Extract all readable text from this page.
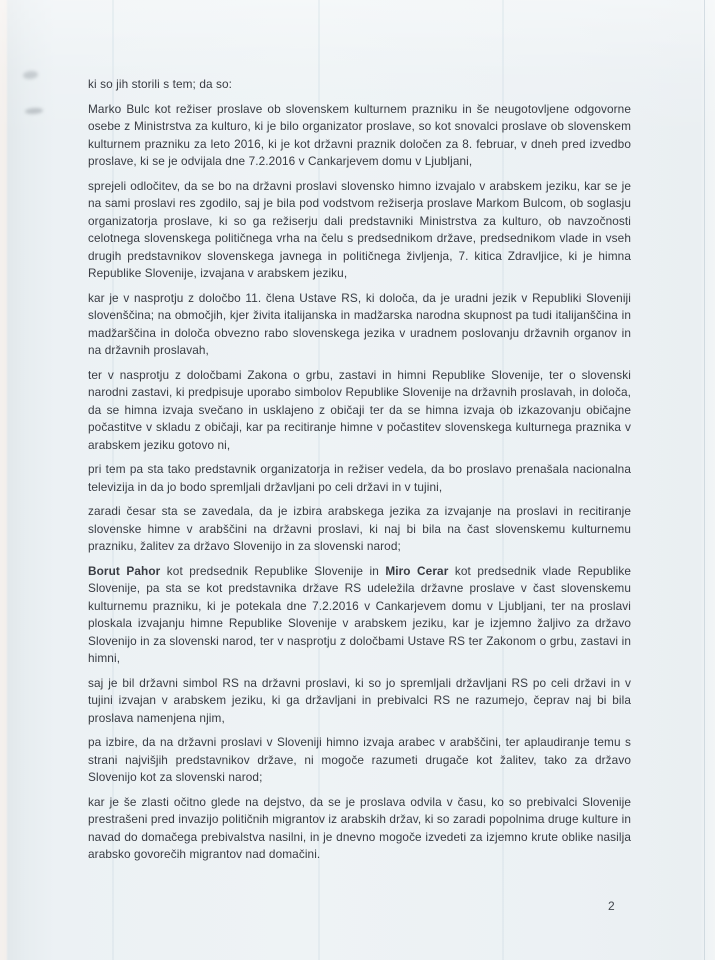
ki so jih storili s tem; da so:

Marko Bulc kot režiser proslave ob slovenskem kulturnem prazniku in še neugotovljene odgovorne osebe z Ministrstva za kulturo, ki je bilo organizator proslave, so kot snovalci proslave ob slovenskem kulturnem prazniku za leto 2016, ki je kot državni praznik določen za 8. februar, v dneh pred izvedbo proslave, ki se je odvijala dne 7.2.2016 v Cankarjevem domu v Ljubljani,

sprejeli odločitev, da se bo na državni proslavi slovensko himno izvajalo v arabskem jeziku, kar se je na sami proslavi res zgodilo, saj je bila pod vodstvom režiserja proslave Markom Bulcom, ob soglasju organizatorja proslave, ki so ga režiserju dali predstavniki Ministrstva za kulturo, ob navzočnosti celotnega slovenskega političnega vrha na čelu s predsednikom države, predsednikom vlade in vseh drugih predstavnikov slovenskega javnega in političnega življenja, 7. kitica Zdravljice, ki je himna Republike Slovenije, izvajana v arabskem jeziku,

kar je v nasprotju z določbo 11. člena Ustave RS, ki določa, da je uradni jezik v Republiki Sloveniji slovenščina; na območjih, kjer živita italijanska in madžarska narodna skupnost pa tudi italijanščina in madžarščina in določa obvezno rabo slovenskega jezika v uradnem poslovanju državnih organov in na državnih proslavah,

ter v nasprotju z določbami Zakona o grbu, zastavi in himni Republike Slovenije, ter o slovenski narodni zastavi, ki predpisuje uporabo simbolov Republike Slovenije na državnih proslavah, in določa, da se himna izvaja svečano in usklajeno z običaji ter da se himna izvaja ob izkazovanju običajne počastitve v skladu z običaji, kar pa recitiranje himne v počastitev slovenskega kulturnega praznika v arabskem jeziku gotovo ni,

pri tem pa sta tako predstavnik organizatorja in režiser vedela, da bo proslavo prenašala nacionalna televizija in da jo bodo spremljali državljani po celi državi in v tujini,

zaradi česar sta se zavedala, da je izbira arabskega jezika za izvajanje na proslavi in recitiranje slovenske himne v arabščini na državni proslavi, ki naj bi bila na čast slovenskemu kulturnemu prazniku, žalitev za državo Slovenijo in za slovenski narod;

Borut Pahor kot predsednik Republike Slovenije in Miro Cerar kot predsednik vlade Republike Slovenije, pa sta se kot predstavnika države RS udeležila državne proslave v čast slovenskemu kulturnemu prazniku, ki je potekala dne 7.2.2016 v Cankarjevem domu v Ljubljani, ter na proslavi ploskala izvajanju himne Republike Slovenije v arabskem jeziku, kar je izjemno žaljivo za državo Slovenijo in za slovenski narod, ter v nasprotju z določbami Ustave RS ter Zakonom o grbu, zastavi in himni,

saj je bil državni simbol RS na državni proslavi, ki so jo spremljali državljani RS po celi državi in v tujini izvajan v arabskem jeziku, ki ga državljani in prebivalci RS ne razumejo, čeprav naj bi bila proslava namenjena njim,

pa izbire, da na državni proslavi v Sloveniji himno izvaja arabec v arabščini, ter aplaudiranje temu s strani najvišjih predstavnikov države, ni mogoče razumeti drugače kot žalitev, tako za državo Slovenijo kot za slovenski narod;

kar je še zlasti očitno glede na dejstvo, da se je proslava odvila v času, ko so prebivalci Slovenije prestrašeni pred invazijo političnih migrantov iz arabskih držav, ki so zaradi popolnima druge kulture in navad do domačega prebivalstva nasilni, in je dnevno mogoče izvedeti za izjemno krute oblike nasilja arabsko govorečih migrantov nad domačini.

2
